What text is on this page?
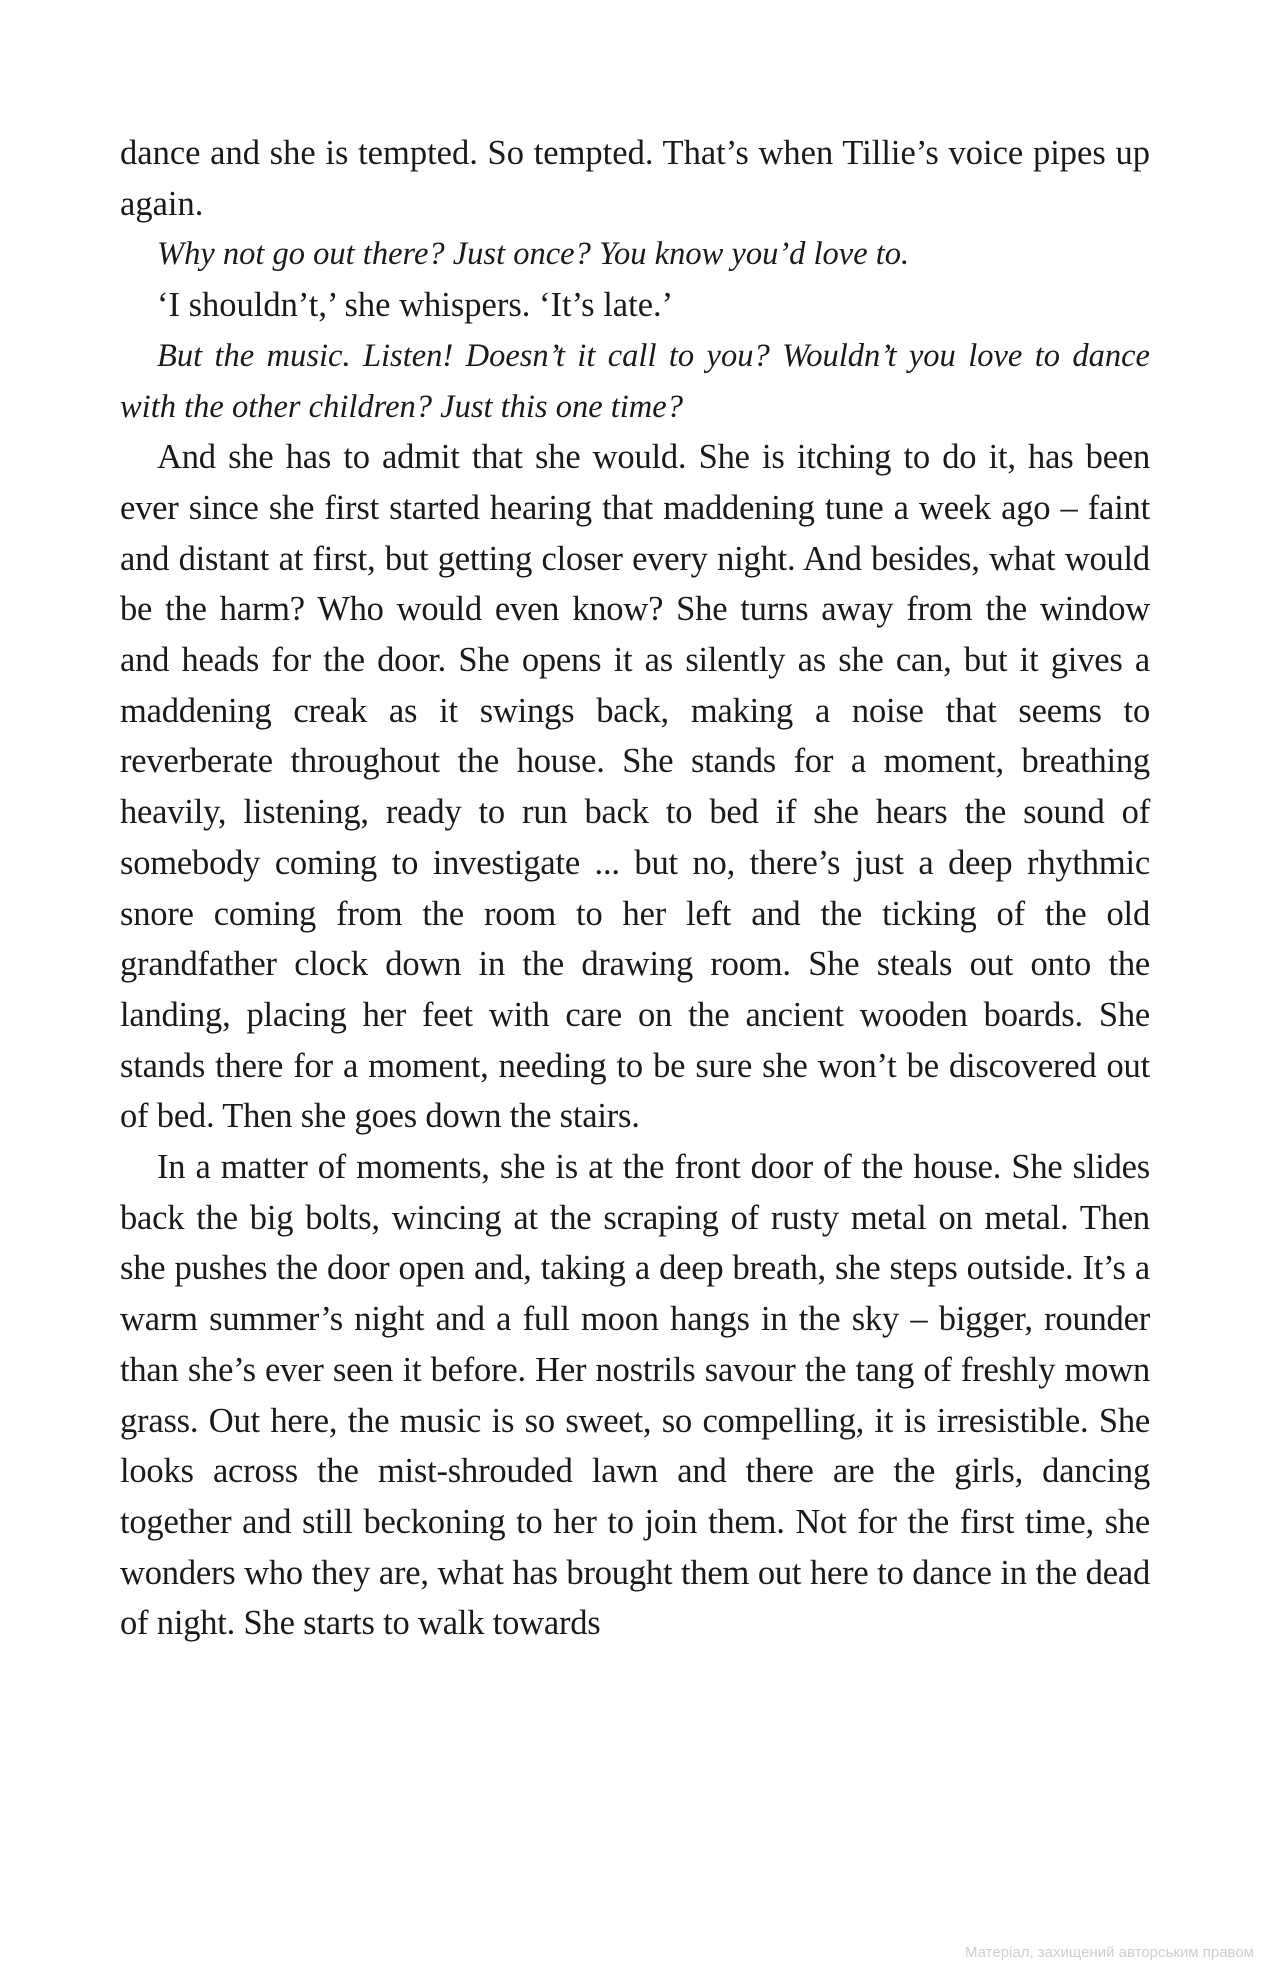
dance and she is tempted. So tempted. That’s when Tillie’s voice pipes up again.

Why not go out there? Just once? You know you’d love to.

‘I shouldn’t,’ she whispers. ‘It’s late.’

But the music. Listen! Doesn’t it call to you? Wouldn’t you love to dance with the other children? Just this one time?

And she has to admit that she would. She is itching to do it, has been ever since she first started hearing that maddening tune a week ago – faint and distant at first, but getting closer every night. And besides, what would be the harm? Who would even know? She turns away from the window and heads for the door. She opens it as silently as she can, but it gives a maddening creak as it swings back, making a noise that seems to reverberate throughout the house. She stands for a moment, breathing heavily, listening, ready to run back to bed if she hears the sound of somebody coming to investigate ... but no, there’s just a deep rhythmic snore coming from the room to her left and the ticking of the old grandfather clock down in the drawing room. She steals out onto the landing, placing her feet with care on the ancient wooden boards. She stands there for a moment, needing to be sure she won’t be discovered out of bed. Then she goes down the stairs.

In a matter of moments, she is at the front door of the house. She slides back the big bolts, wincing at the scraping of rusty metal on metal. Then she pushes the door open and, taking a deep breath, she steps outside. It’s a warm summer’s night and a full moon hangs in the sky – bigger, rounder than she’s ever seen it before. Her nostrils savour the tang of freshly mown grass. Out here, the music is so sweet, so compelling, it is irresistible. She looks across the mist-shrouded lawn and there are the girls, dancing together and still beckoning to her to join them. Not for the first time, she wonders who they are, what has brought them out here to dance in the dead of night. She starts to walk towards

Матеріал, захищений авторським правом
